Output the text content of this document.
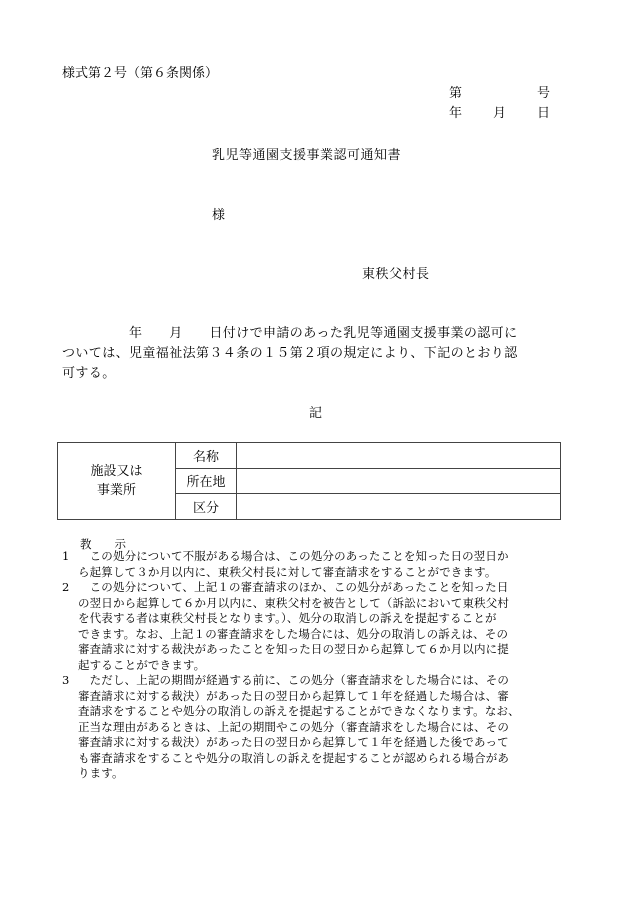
様式第２号（第６条関係）
第	号
年 月 日
乳児等通園支援事業認可通知書
様
東秩父村長
　　　　　年　　月　　日付けで申請のあった乳児等通園支援事業の認可に
ついては、児童福祉法第３４条の１５第２項の規定により、下記のとおり認
可する。
記
施設又は
事業所	名称	
	所在地	
	区分	
教　　示
1 　この処分について不服がある場合は、この処分のあったことを知った日の翌日か
ら起算して３か月以内に、東秩父村長に対して審査請求をすることができます。
2 　この処分について、上記１の審査請求のほか、この処分があったことを知った日
の翌日から起算して６か月以内に、東秩父村を被告として（訴訟において東秩父村
を代表する者は東秩父村長となります。）、処分の取消しの訴えを提起することが
できます。なお、上記１の審査請求をした場合には、処分の取消しの訴えは、その
審査請求に対する裁決があったことを知った日の翌日から起算して６か月以内に提
起することができます。
3 　ただし、上記の期間が経過する前に、この処分（審査請求をした場合には、その
審査請求に対する裁決）があった日の翌日から起算して１年を経過した場合は、審
査請求をすることや処分の取消しの訴えを提起することができなくなります。なお、
正当な理由があるときは、上記の期間やこの処分（審査請求をした場合には、その
審査請求に対する裁決）があった日の翌日から起算して１年を経過した後であって
も審査請求をすることや処分の取消しの訴えを提起することが認められる場合があ
ります。
